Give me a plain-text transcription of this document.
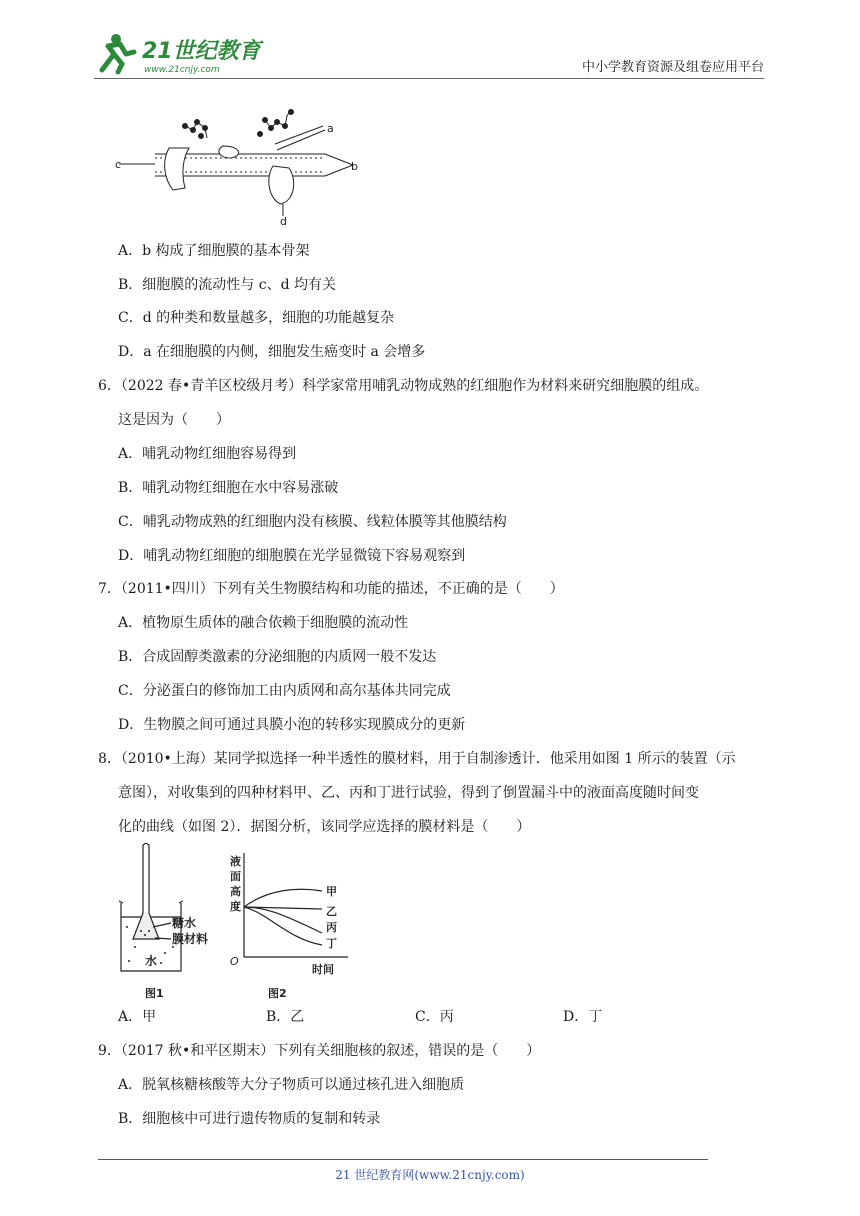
21世纪教育
www.21cnjy.com	中小学教育资源及组卷应用平台
a
b
c
d
A．b 构成了细胞膜的基本骨架
B．细胞膜的流动性与 c、d 均有关
C．d 的种类和数量越多，细胞的功能越复杂
D．a 在细胞膜的内侧，细胞发生癌变时 a 会增多
6．（2022 春•青羊区校级月考）科学家常用哺乳动物成熟的红细胞作为材料来研究细胞膜的组成。
这是因为（　　）
A．哺乳动物红细胞容易得到
B．哺乳动物红细胞在水中容易涨破
C．哺乳动物成熟的红细胞内没有核膜、线粒体膜等其他膜结构
D．哺乳动物红细胞的细胞膜在光学显微镜下容易观察到
7．（2011•四川）下列有关生物膜结构和功能的描述，不正确的是（　　）
A．植物原生质体的融合依赖于细胞膜的流动性
B．合成固醇类激素的分泌细胞的内质网一般不发达
C．分泌蛋白的修饰加工由内质网和高尔基体共同完成
D．生物膜之间可通过具膜小泡的转移实现膜成分的更新
8．（2010•上海）某同学拟选择一种半透性的膜材料，用于自制渗透计．他采用如图 1 所示的装置（示
意图），对收集到的四种材料甲、乙、丙和丁进行试验，得到了倒置漏斗中的液面高度随时间变
化的曲线（如图 2）．据图分析，该同学应选择的膜材料是（　　）
糖水
膜材料
水
图1
液
面
高
度
O
时间
甲
乙
丙
丁
图2
A．甲	B．乙	C．丙	D．丁
9．（2017 秋•和平区期末）下列有关细胞核的叙述，错误的是（　　）
A．脱氧核糖核酸等大分子物质可以通过核孔进入细胞质
B．细胞核中可进行遗传物质的复制和转录
21 世纪教育网(www.21cnjy.com)
